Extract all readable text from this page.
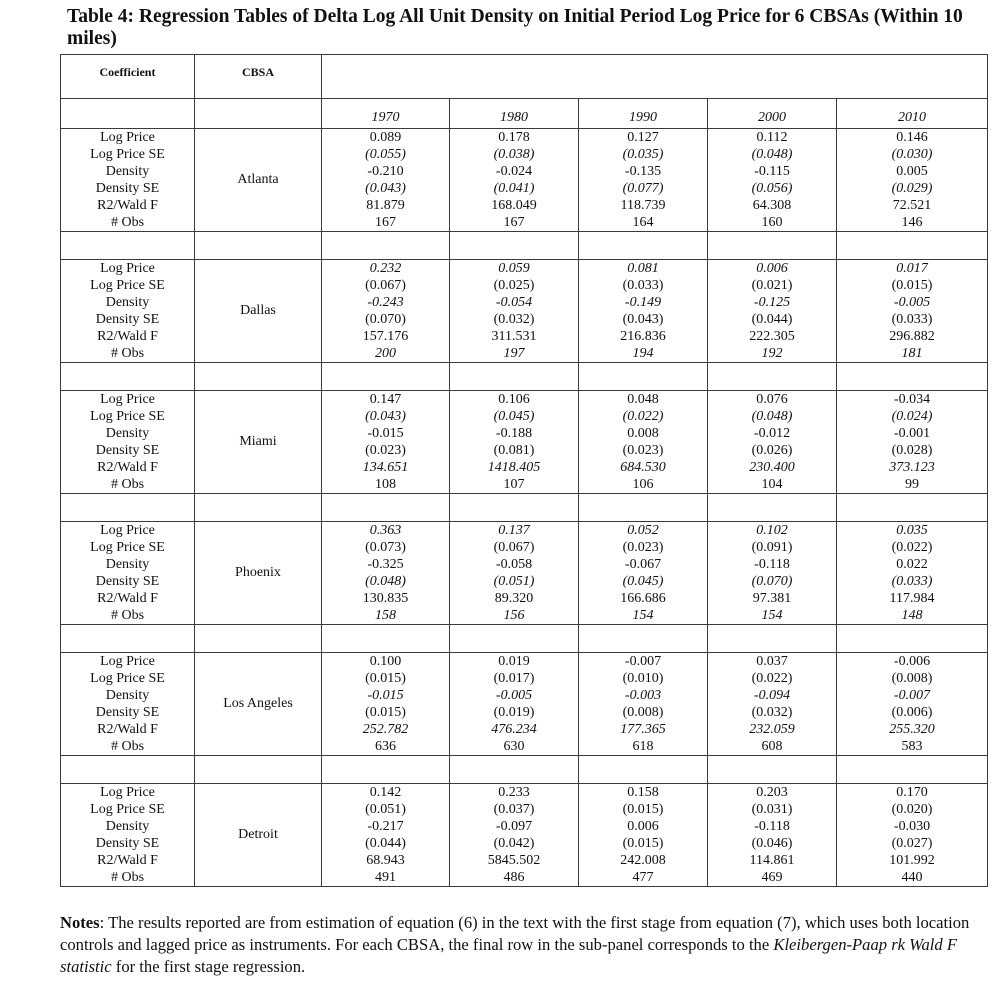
Table 4: Regression Tables of Delta Log All Unit Density on Initial Period Log Price for 6 CBSAs (Within 10 miles)
Coefficient	CBSA					
		1970	1980	1990	2000	2010
Log Price	Atlanta	0.089	0.178	0.127	0.112	0.146
Log Price SE		(0.055)	(0.038)	(0.035)	(0.048)	(0.030)
Density		-0.210	-0.024	-0.135	-0.115	0.005
Density SE		(0.043)	(0.041)	(0.077)	(0.056)	(0.029)
R2/Wald F		81.879	168.049	118.739	64.308	72.521
# Obs		167	167	164	160	146

Log Price	Dallas	0.232	0.059	0.081	0.006	0.017
Log Price SE		(0.067)	(0.025)	(0.033)	(0.021)	(0.015)
Density		-0.243	-0.054	-0.149	-0.125	-0.005
Density SE		(0.070)	(0.032)	(0.043)	(0.044)	(0.033)
R2/Wald F		157.176	311.531	216.836	222.305	296.882
# Obs		200	197	194	192	181

Log Price	Miami	0.147	0.106	0.048	0.076	-0.034
Log Price SE		(0.043)	(0.045)	(0.022)	(0.048)	(0.024)
Density		-0.015	-0.188	0.008	-0.012	-0.001
Density SE		(0.023)	(0.081)	(0.023)	(0.026)	(0.028)
R2/Wald F		134.651	1418.405	684.530	230.400	373.123
# Obs		108	107	106	104	99

Log Price	Phoenix	0.363	0.137	0.052	0.102	0.035
Log Price SE		(0.073)	(0.067)	(0.023)	(0.091)	(0.022)
Density		-0.325	-0.058	-0.067	-0.118	0.022
Density SE		(0.048)	(0.051)	(0.045)	(0.070)	(0.033)
R2/Wald F		130.835	89.320	166.686	97.381	117.984
# Obs		158	156	154	154	148

Log Price	Los Angeles	0.100	0.019	-0.007	0.037	-0.006
Log Price SE		(0.015)	(0.017)	(0.010)	(0.022)	(0.008)
Density		-0.015	-0.005	-0.003	-0.094	-0.007
Density SE		(0.015)	(0.019)	(0.008)	(0.032)	(0.006)
R2/Wald F		252.782	476.234	177.365	232.059	255.320
# Obs		636	630	618	608	583

Log Price	Detroit	0.142	0.233	0.158	0.203	0.170
Log Price SE		(0.051)	(0.037)	(0.015)	(0.031)	(0.020)
Density		-0.217	-0.097	0.006	-0.118	-0.030
Density SE		(0.044)	(0.042)	(0.015)	(0.046)	(0.027)
R2/Wald F		68.943	5845.502	242.008	114.861	101.992
# Obs		491	486	477	469	440
Notes: The results reported are from estimation of equation (6) in the text with the first stage from equation (7), which uses both location controls and lagged price as instruments. For each CBSA, the final row in the sub-panel corresponds to the Kleibergen-Paap rk Wald F statistic for the first stage regression.
